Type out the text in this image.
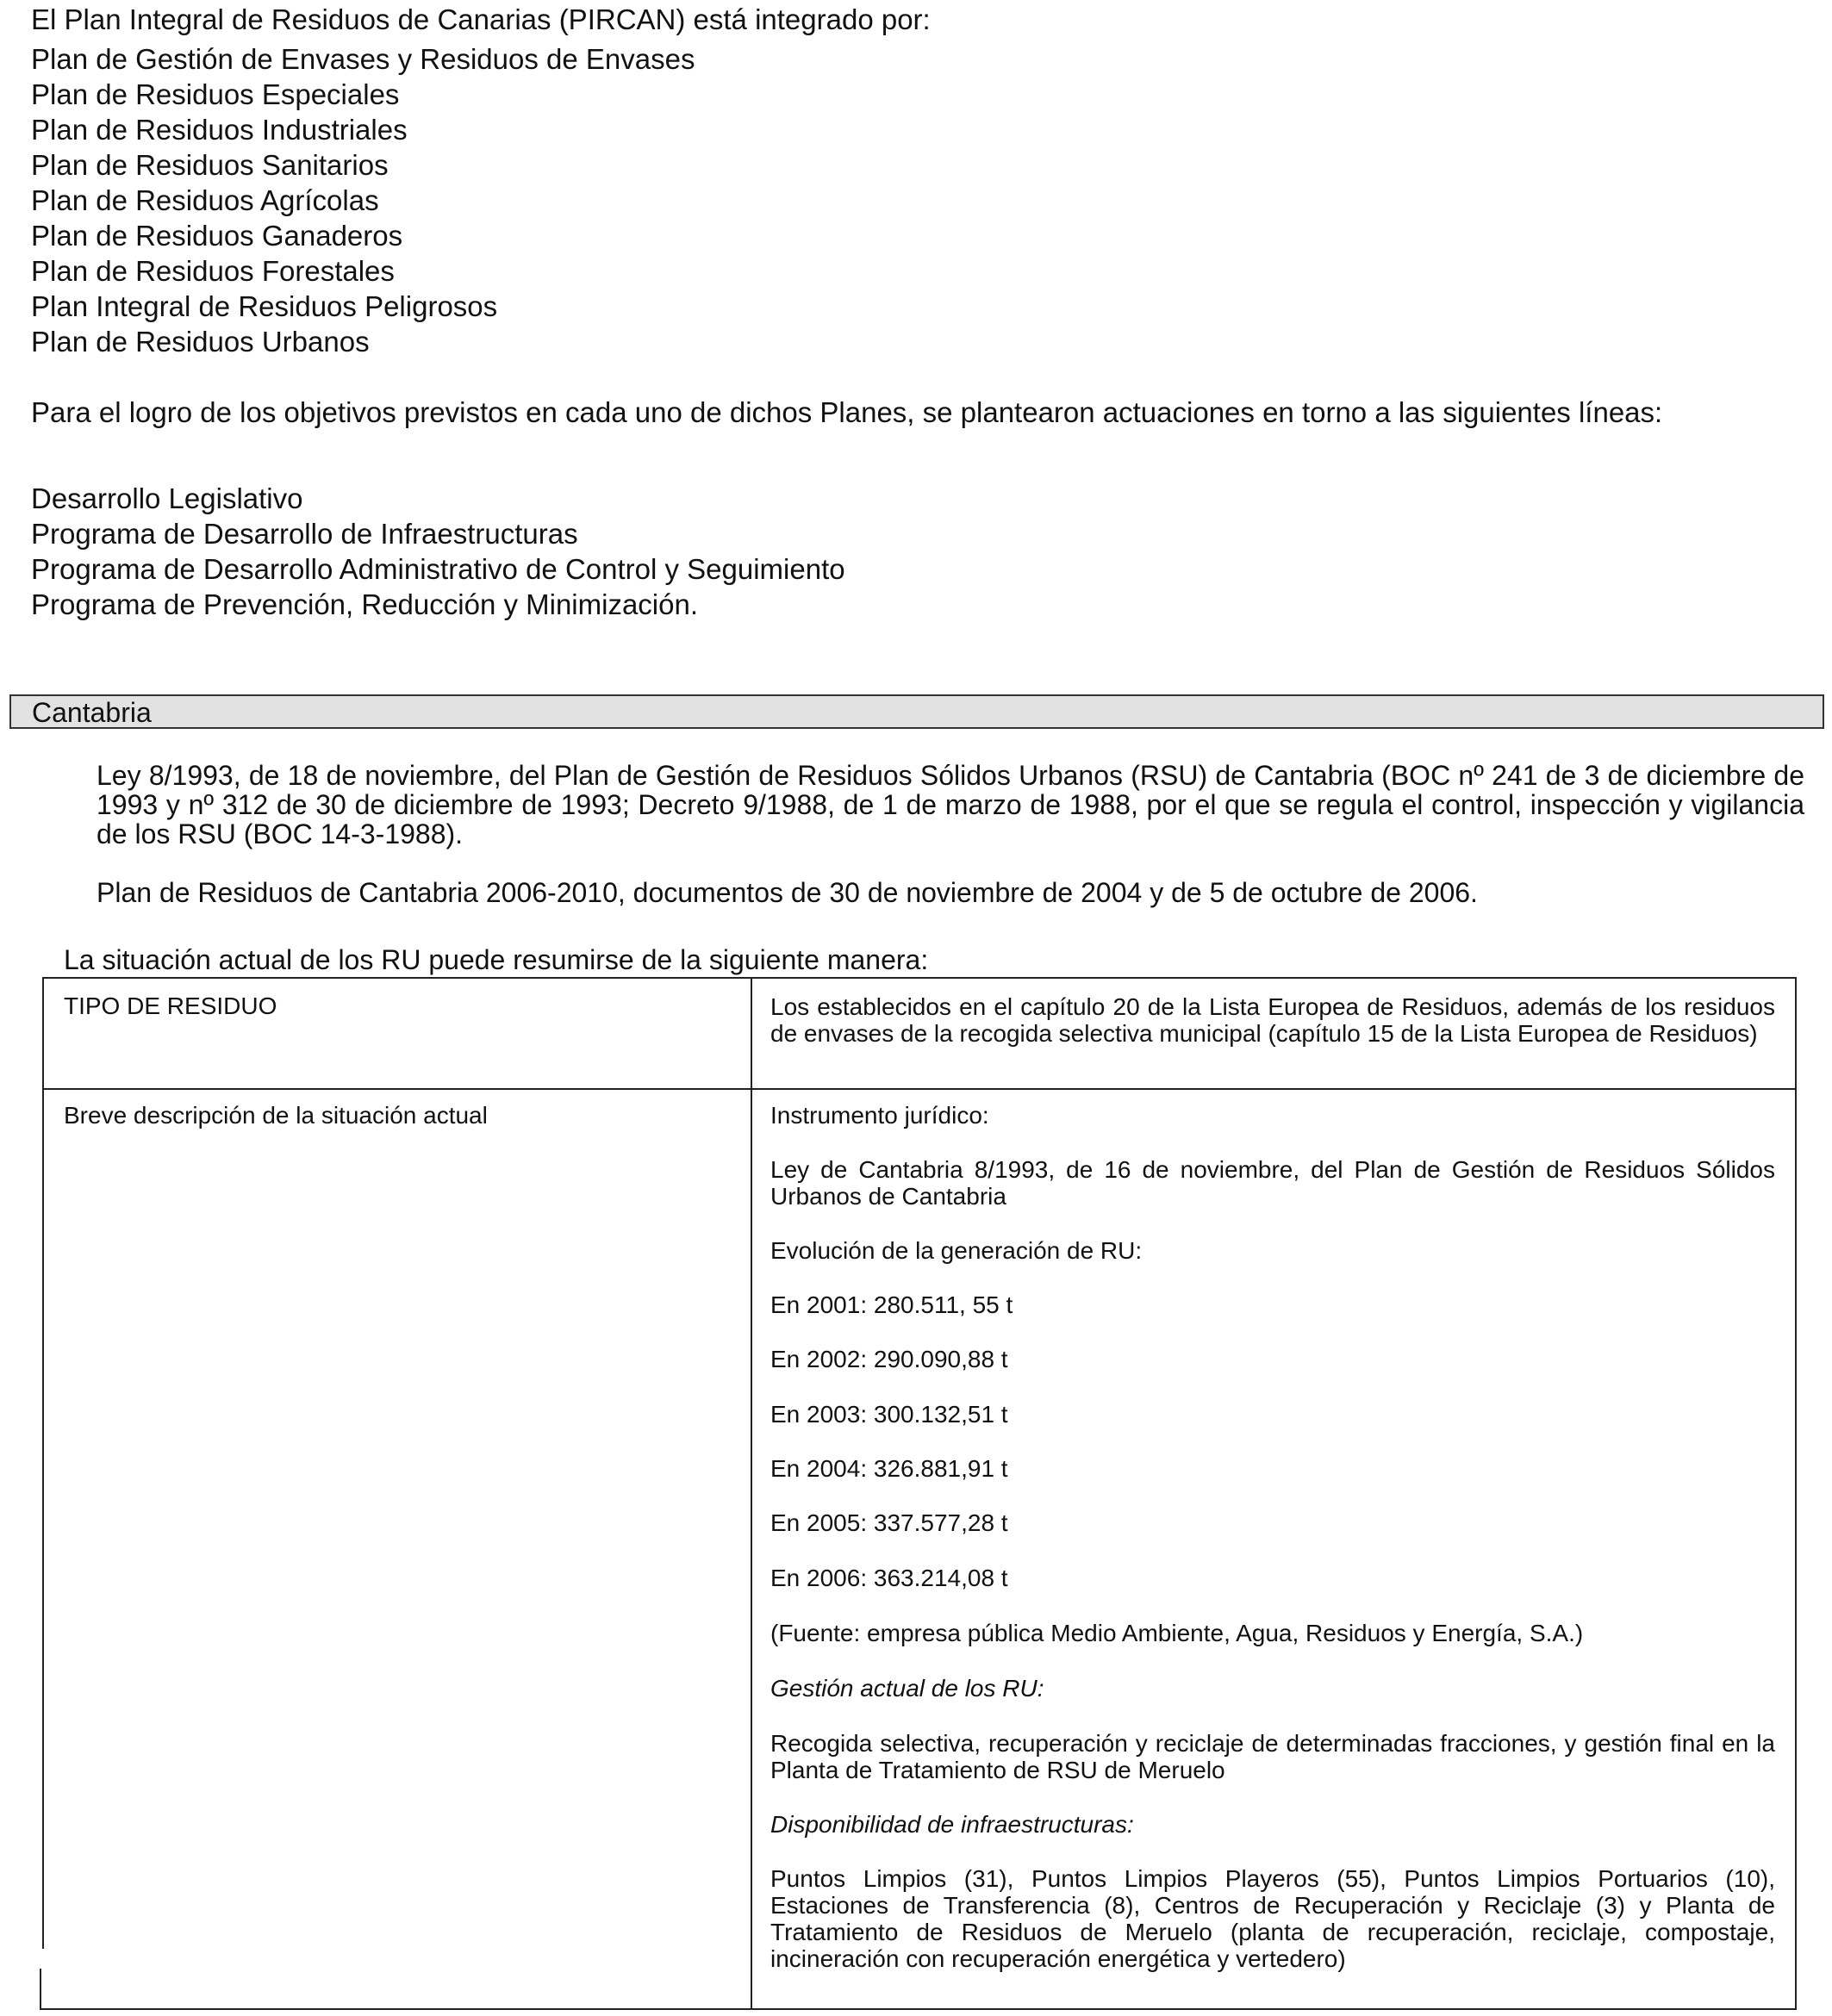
El Plan Integral de Residuos de Canarias (PIRCAN) está integrado por:
Plan de Gestión de Envases y Residuos de Envases
Plan de Residuos Especiales
Plan de Residuos Industriales
Plan de Residuos Sanitarios
Plan de Residuos Agrícolas
Plan de Residuos Ganaderos
Plan de Residuos Forestales
Plan Integral de Residuos Peligrosos
Plan de Residuos Urbanos
Para el logro de los objetivos previstos en cada uno de dichos Planes, se plantearon actuaciones en torno a las siguientes líneas:
Desarrollo Legislativo
Programa de Desarrollo de Infraestructuras
Programa de Desarrollo Administrativo de Control y Seguimiento
Programa de Prevención, Reducción y Minimización.
Cantabria
Ley 8/1993, de 18 de noviembre, del Plan de Gestión de Residuos Sólidos Urbanos (RSU) de Cantabria (BOC nº 241 de 3 de diciembre de 1993 y nº 312 de 30 de diciembre de 1993; Decreto 9/1988, de 1 de marzo de 1988, por el que se regula el control, inspección y vigilancia de los RSU (BOC 14-3-1988).
Plan de Residuos de Cantabria 2006-2010, documentos de 30 de noviembre de 2004 y de 5 de octubre de 2006.
La situación actual de los RU puede resumirse de la siguiente manera:
TIPO DE RESIDUO	Los establecidos en el capítulo 20 de la Lista Europea de Residuos, además de los residuos de envases de la recogida selectiva municipal (capítulo 15 de la Lista Europea de Residuos)
Breve descripción de la situación actual	Instrumento jurídico:
Ley de Cantabria 8/1993, de 16 de noviembre, del Plan de Gestión de Residuos Sólidos Urbanos de Cantabria
Evolución de la generación de RU:
En 2001: 280.511, 55 t
En 2002: 290.090,88 t
En 2003: 300.132,51 t
En 2004: 326.881,91 t
En 2005: 337.577,28 t
En 2006: 363.214,08 t
(Fuente: empresa pública Medio Ambiente, Agua, Residuos y Energía, S.A.)
Gestión actual de los RU:
Recogida selectiva, recuperación y reciclaje de determinadas fracciones, y gestión final en la Planta de Tratamiento de RSU de Meruelo
Disponibilidad de infraestructuras:
Puntos Limpios (31), Puntos Limpios Playeros (55), Puntos Limpios Portuarios (10), Estaciones de Transferencia (8), Centros de Recuperación y Reciclaje (3) y Planta de Tratamiento de Residuos de Meruelo (planta de recuperación, reciclaje, compostaje, incineración con recuperación energética y vertedero)
